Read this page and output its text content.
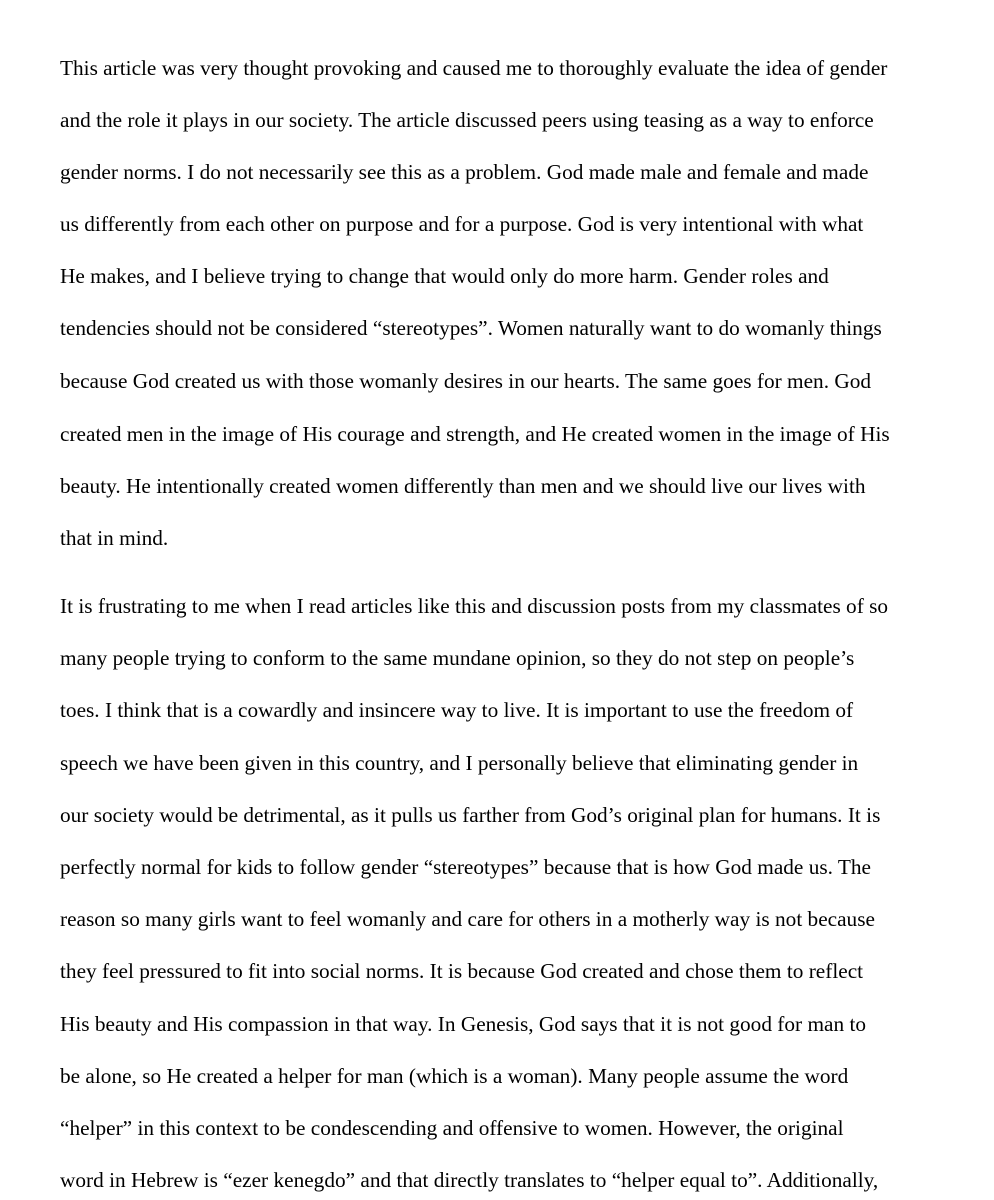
This article was very thought provoking and caused me to thoroughly evaluate the idea of gender

and the role it plays in our society. The article discussed peers using teasing as a way to enforce

gender norms. I do not necessarily see this as a problem. God made male and female and made

us differently from each other on purpose and for a purpose. God is very intentional with what

He makes, and I believe trying to change that would only do more harm. Gender roles and

tendencies should not be considered “stereotypes”. Women naturally want to do womanly things

because God created us with those womanly desires in our hearts. The same goes for men. God

created men in the image of His courage and strength, and He created women in the image of His

beauty. He intentionally created women differently than men and we should live our lives with

that in mind.

It is frustrating to me when I read articles like this and discussion posts from my classmates of so

many people trying to conform to the same mundane opinion, so they do not step on people’s

toes. I think that is a cowardly and insincere way to live. It is important to use the freedom of

speech we have been given in this country, and I personally believe that eliminating gender in

our society would be detrimental, as it pulls us farther from God’s original plan for humans. It is

perfectly normal for kids to follow gender “stereotypes” because that is how God made us. The

reason so many girls want to feel womanly and care for others in a motherly way is not because

they feel pressured to fit into social norms. It is because God created and chose them to reflect

His beauty and His compassion in that way. In Genesis, God says that it is not good for man to

be alone, so He created a helper for man (which is a woman). Many people assume the word

“helper” in this context to be condescending and offensive to women. However, the original

word in Hebrew is “ezer kenegdo” and that directly translates to “helper equal to”. Additionally,
